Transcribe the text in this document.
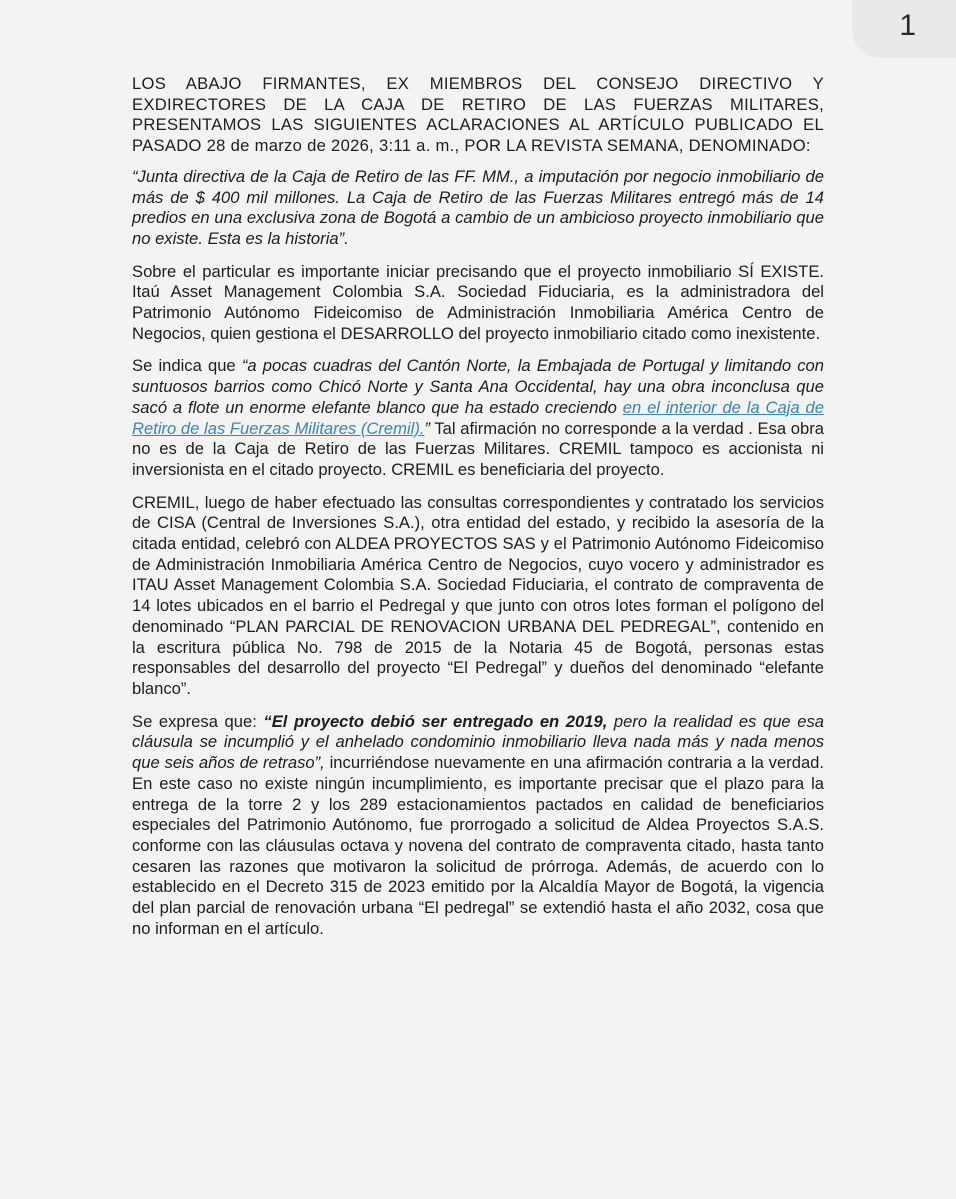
1

LOS ABAJO FIRMANTES, EX MIEMBROS DEL CONSEJO DIRECTIVO Y EXDIRECTORES DE LA CAJA DE RETIRO DE LAS FUERZAS MILITARES, PRESENTAMOS LAS SIGUIENTES ACLARACIONES AL ARTÍCULO PUBLICADO EL PASADO 28 de marzo de 2026, 3:11 a. m., POR LA REVISTA SEMANA, DENOMINADO:

“Junta directiva de la Caja de Retiro de las FF. MM., a imputación por negocio inmobiliario de más de $ 400 mil millones. La Caja de Retiro de las Fuerzas Militares entregó más de 14 predios en una exclusiva zona de Bogotá a cambio de un ambicioso proyecto inmobiliario que no existe. Esta es la historia”.

Sobre el particular es importante iniciar precisando que el proyecto inmobiliario SÍ EXISTE. Itaú Asset Management Colombia S.A. Sociedad Fiduciaria, es la administradora del Patrimonio Autónomo Fideicomiso de Administración Inmobiliaria América Centro de Negocios, quien gestiona el DESARROLLO del proyecto inmobiliario citado como inexistente.

Se indica que “a pocas cuadras del Cantón Norte, la Embajada de Portugal y limitando con suntuosos barrios como Chicó Norte y Santa Ana Occidental, hay una obra inconclusa que sacó a flote un enorme elefante blanco que ha estado creciendo en el interior de la Caja de Retiro de las Fuerzas Militares (Cremil).” Tal afirmación no corresponde a la verdad . Esa obra no es de la Caja de Retiro de las Fuerzas Militares. CREMIL tampoco es accionista ni inversionista en el citado proyecto. CREMIL es beneficiaria del proyecto.

CREMIL, luego de haber efectuado las consultas correspondientes y contratado los servicios de CISA (Central de Inversiones S.A.), otra entidad del estado, y recibido la asesoría de la citada entidad, celebró con ALDEA PROYECTOS SAS y el Patrimonio Autónomo Fideicomiso de Administración Inmobiliaria América Centro de Negocios, cuyo vocero y administrador es ITAU Asset Management Colombia S.A. Sociedad Fiduciaria, el contrato de compraventa de 14 lotes ubicados en el barrio el Pedregal y que junto con otros lotes forman el polígono del denominado “PLAN PARCIAL DE RENOVACION URBANA DEL PEDREGAL”, contenido en la escritura pública No. 798 de 2015 de la Notaria 45 de Bogotá, personas estas responsables del desarrollo del proyecto “El Pedregal” y dueños del denominado “elefante blanco”.

Se expresa que: “El proyecto debió ser entregado en 2019, pero la realidad es que esa cláusula se incumplió y el anhelado condominio inmobiliario lleva nada más y nada menos que seis años de retraso”, incurriéndose nuevamente en una afirmación contraria a la verdad. En este caso no existe ningún incumplimiento, es importante precisar que el plazo para la entrega de la torre 2 y los 289 estacionamientos pactados en calidad de beneficiarios especiales del Patrimonio Autónomo, fue prorrogado a solicitud de Aldea Proyectos S.A.S. conforme con las cláusulas octava y novena del contrato de compraventa citado, hasta tanto cesaren las razones que motivaron la solicitud de prórroga. Además, de acuerdo con lo establecido en el Decreto 315 de 2023 emitido por la Alcaldía Mayor de Bogotá, la vigencia del plan parcial de renovación urbana “El pedregal” se extendió hasta el año 2032, cosa que no informan en el artículo.
